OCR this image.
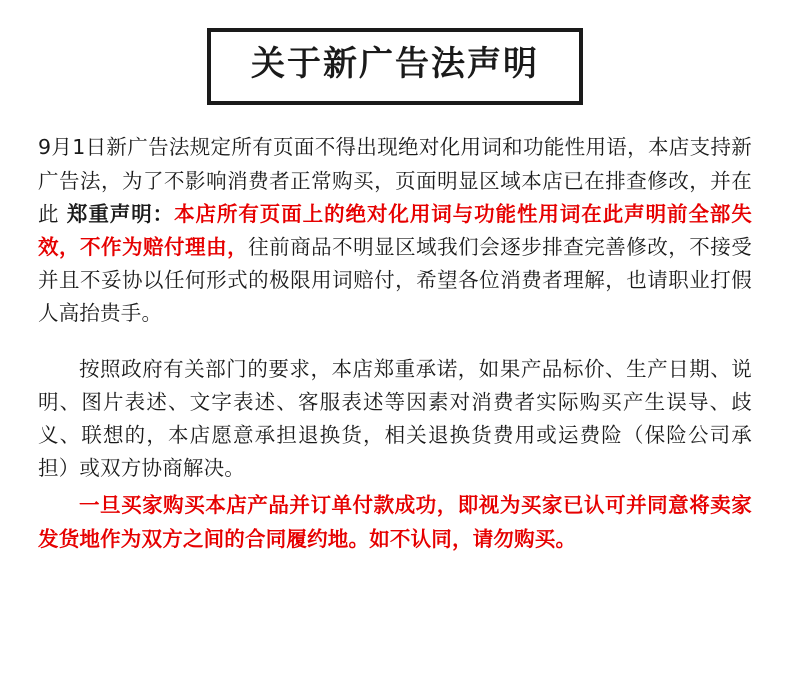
关于新广告法声明

9月1日新广告法规定所有页面不得出现绝对化用词和功能性用语，本店支持新广告法，为了不影响消费者正常购买，页面明显区域本店已在排查修改，并在此 郑重声明：本店所有页面上的绝对化用词与功能性用词在此声明前全部失效，不作为赔付理由，往前商品不明显区域我们会逐步排查完善修改，不接受并且不妥协以任何形式的极限用词赔付，希望各位消费者理解，也请职业打假人高抬贵手。

按照政府有关部门的要求，本店郑重承诺，如果产品标价、生产日期、说明、图片表述、文字表述、客服表述等因素对消费者实际购买产生误导、歧义、联想的，本店愿意承担退换货，相关退换货费用或运费险（保险公司承担）或双方协商解决。

一旦买家购买本店产品并订单付款成功，即视为买家已认可并同意将卖家发货地作为双方之间的合同履约地。如不认同，请勿购买。
